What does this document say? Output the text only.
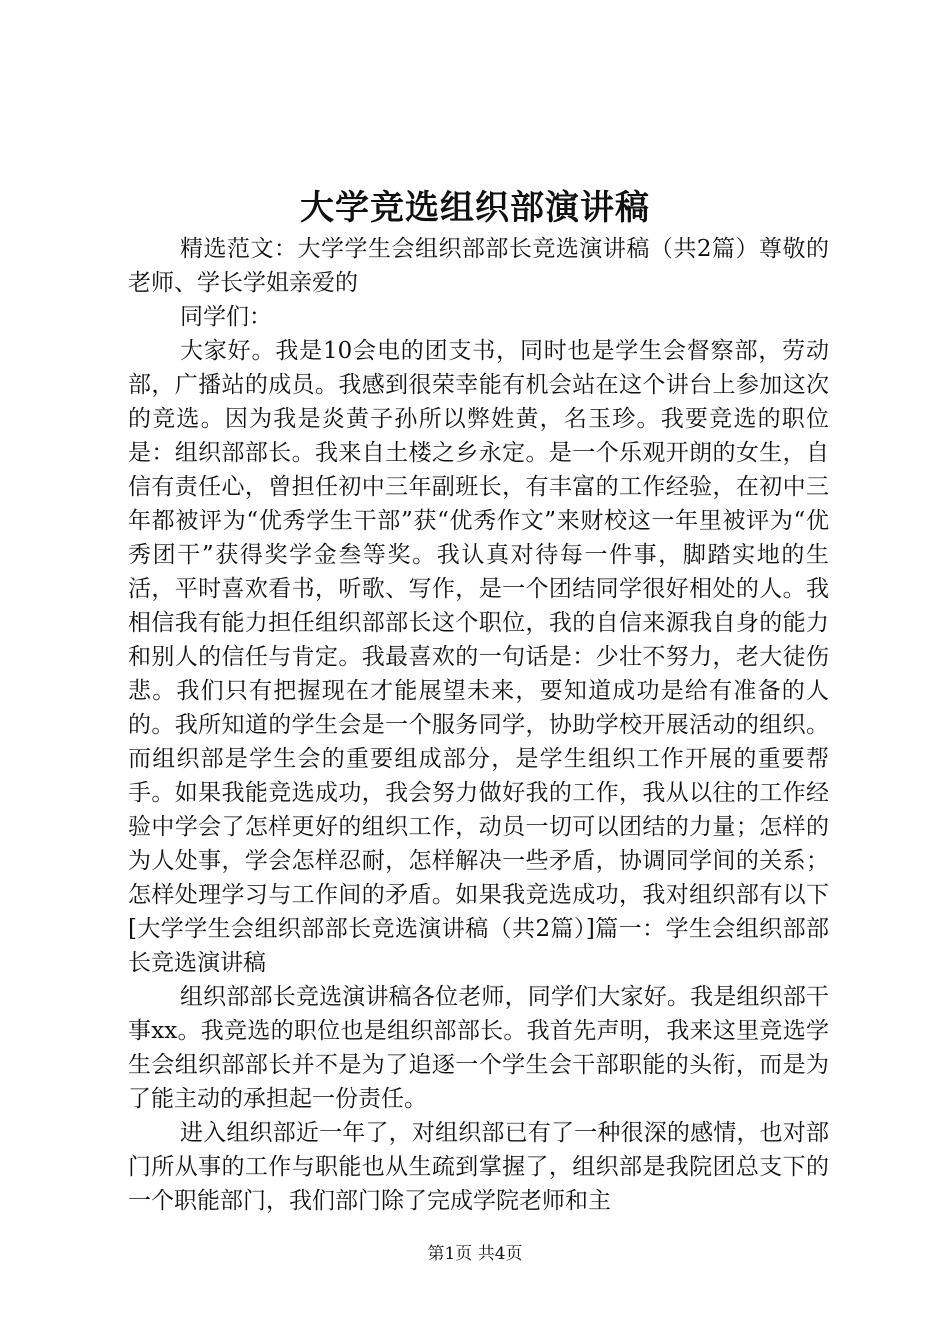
大学竞选组织部演讲稿

精选范文：大学学生会组织部部长竞选演讲稿（共2篇）尊敬的老师、学长学姐亲爱的

同学们：

大家好。我是10会电的团支书，同时也是学生会督察部，劳动部，广播站的成员。我感到很荣幸能有机会站在这个讲台上参加这次的竞选。因为我是炎黄子孙所以弊姓黄，名玉珍。我要竞选的职位是：组织部部长。我来自土楼之乡永定。是一个乐观开朗的女生，自信有责任心，曾担任初中三年副班长，有丰富的工作经验，在初中三年都被评为“优秀学生干部”获“优秀作文”来财校这一年里被评为“优秀团干”获得奖学金叁等奖。我认真对待每一件事，脚踏实地的生活，平时喜欢看书，听歌、写作，是一个团结同学很好相处的人。我相信我有能力担任组织部部长这个职位，我的自信来源我自身的能力和别人的信任与肯定。我最喜欢的一句话是：少壮不努力，老大徒伤悲。我们只有把握现在才能展望未来，要知道成功是给有准备的人的。我所知道的学生会是一个服务同学，协助学校开展活动的组织。而组织部是学生会的重要组成部分，是学生组织工作开展的重要帮手。如果我能竞选成功，我会努力做好我的工作，我从以往的工作经验中学会了怎样更好的组织工作，动员一切可以团结的力量；怎样的为人处事，学会怎样忍耐，怎样解决一些矛盾，协调同学间的关系；怎样处理学习与工作间的矛盾。如果我竞选成功，我对组织部有以下[大学学生会组织部部长竞选演讲稿（共2篇）]篇一：学生会组织部部长竞选演讲稿

组织部部长竞选演讲稿各位老师，同学们大家好。我是组织部干事xx。我竞选的职位也是组织部部长。我首先声明，我来这里竞选学生会组织部部长并不是为了追逐一个学生会干部职能的头衔，而是为了能主动的承担起一份责任。

进入组织部近一年了，对组织部已有了一种很深的感情，也对部门所从事的工作与职能也从生疏到掌握了，组织部是我院团总支下的一个职能部门，我们部门除了完成学院老师和主

第1页 共4页
